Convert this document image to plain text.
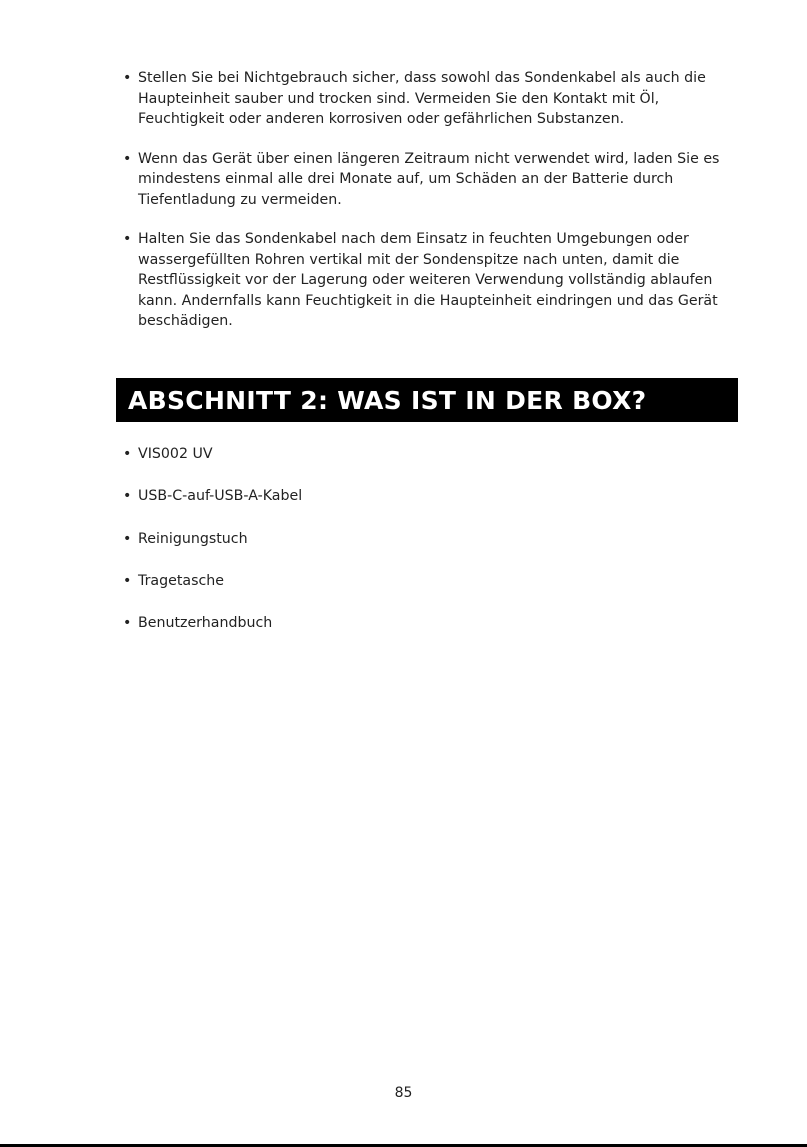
• Stellen Sie bei Nichtgebrauch sicher, dass sowohl das Sondenkabel als auch die Haupteinheit sauber und trocken sind. Vermeiden Sie den Kontakt mit Öl, Feuchtigkeit oder anderen korrosiven oder gefährlichen Substanzen.
• Wenn das Gerät über einen längeren Zeitraum nicht verwendet wird, laden Sie es mindestens einmal alle drei Monate auf, um Schäden an der Batterie durch Tiefentladung zu vermeiden.
• Halten Sie das Sondenkabel nach dem Einsatz in feuchten Umgebungen oder wassergefüllten Rohren vertikal mit der Sondenspitze nach unten, damit die Restflüssigkeit vor der Lagerung oder weiteren Verwendung vollständig ablaufen kann. Andernfalls kann Feuchtigkeit in die Haupteinheit eindringen und das Gerät beschädigen.
ABSCHNITT 2: WAS IST IN DER BOX?
• VIS002 UV
• USB-C-auf-USB-A-Kabel
• Reinigungstuch
• Tragetasche
• Benutzerhandbuch
85
